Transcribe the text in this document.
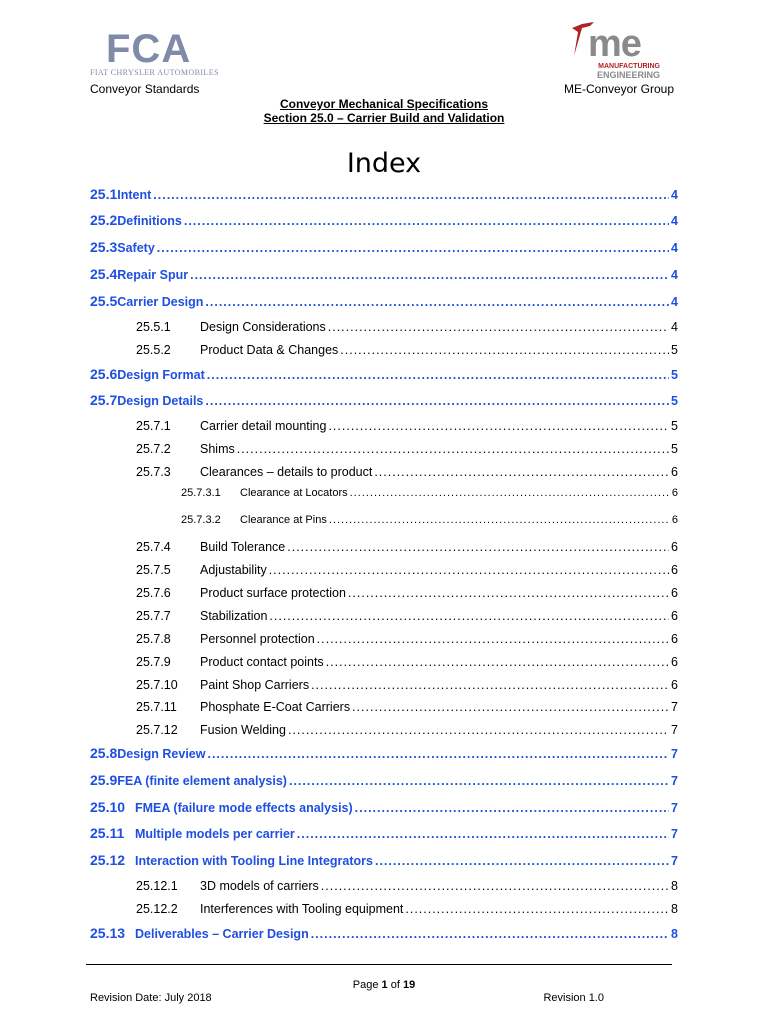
FCA
FIAT CHRYSLER AUTOMOBILES
me
MANUFACTURING
ENGINEERING
Conveyor Standards	ME-Conveyor Group
Conveyor Mechanical Specifications
Section 25.0 – Carrier Build and Validation
Index
25.1 Intent .....	4
25.2 Definitions .....	4
25.3 Safety .....	4
25.4 Repair Spur .....	4
25.5 Carrier Design .....	4
25.5.1	Design Considerations .....	4
25.5.2	Product Data & Changes .....	5
25.6 Design Format .....	5
25.7 Design Details .....	5
25.7.1	Carrier detail mounting .....	5
25.7.2	Shims .....	5
25.7.3	Clearances – details to product .....	6
25.7.3.1	Clearance at Locators .....	6
25.7.3.2	Clearance at Pins .....	6
25.7.4	Build Tolerance .....	6
25.7.5	Adjustability .....	6
25.7.6	Product surface protection .....	6
25.7.7	Stabilization .....	6
25.7.8	Personnel protection .....	6
25.7.9	Product contact points .....	6
25.7.10	Paint Shop Carriers .....	6
25.7.11	Phosphate E-Coat Carriers .....	7
25.7.12	Fusion Welding .....	7
25.8 Design Review .....	7
25.9 FEA (finite element analysis) .....	7
25.10 FMEA (failure mode effects analysis) .....	7
25.11 Multiple models per carrier .....	7
25.12 Interaction with Tooling Line Integrators .....	7
25.12.1	3D models of carriers .....	8
25.12.2	Interferences with Tooling equipment .....	8
25.13 Deliverables – Carrier Design .....	8
Page 1 of 19
Revision Date: July 2018	Revision 1.0
